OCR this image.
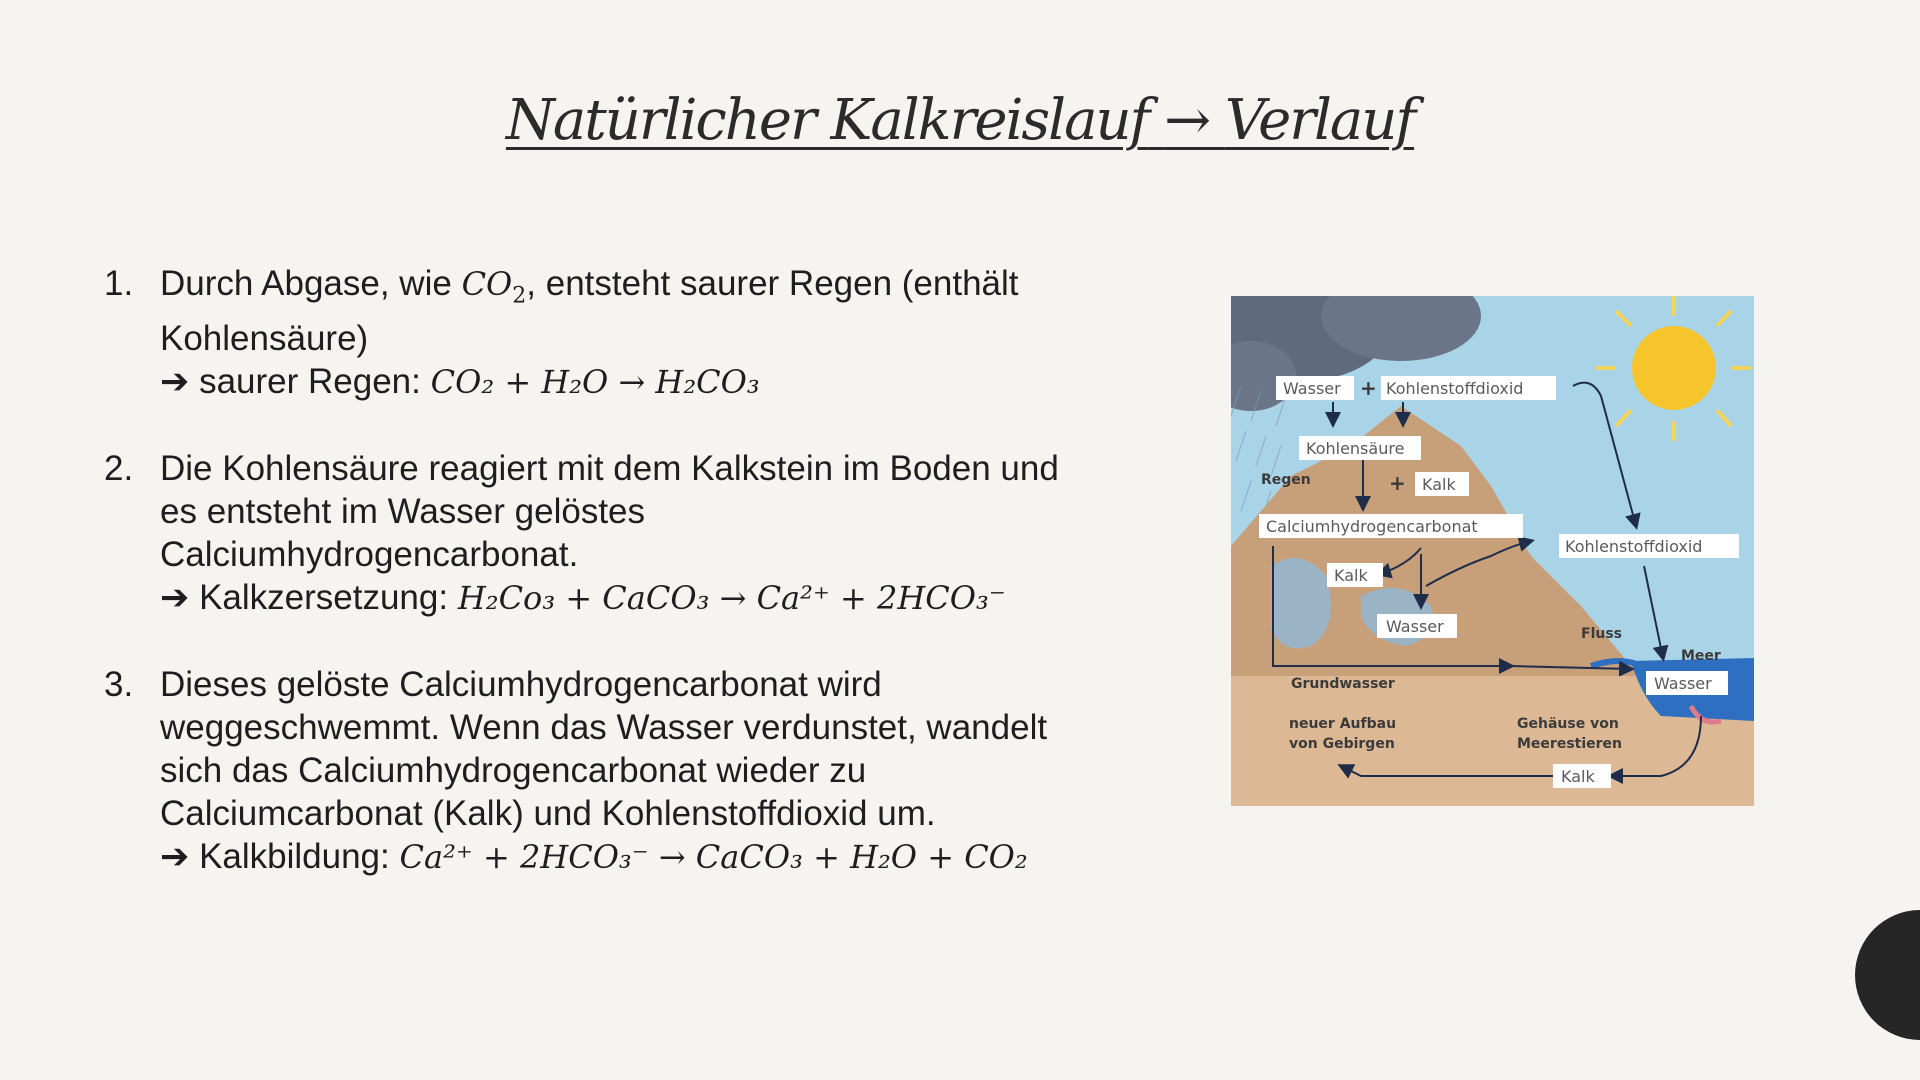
Natürlicher Kalkreislauf → Verlauf
1. Durch Abgase, wie $CO_2$, entsteht saurer Regen (enthält Kohlensäure)
➔ saurer Regen: CO₂ + H₂O → H₂CO₃
2. Die Kohlensäure reagiert mit dem Kalkstein im Boden und es entsteht im Wasser gelöstes Calciumhydrogencarbonat.
➔ Kalkzersetzung: H₂Co₃ + CaCO₃ → Ca²⁺ + 2HCO₃⁻
3. Dieses gelöste Calciumhydrogencarbonat wird weggeschwemmt. Wenn das Wasser verdunstet, wandelt sich das Calciumhydrogencarbonat wieder zu Calciumcarbonat (Kalk) und Kohlenstoffdioxid um.
➔ Kalkbildung: Ca²⁺ + 2HCO₃⁻ → CaCO₃ + H₂O + CO₂
Wasser + Kohlenstoffdioxid
Kohlensäure
Regen	+ Kalk
Calciumhydrogencarbonat
Kohlenstoffdioxid
Kalk
Wasser	Fluss
Meer
Wasser
Grundwasser
neuer Aufbau
von Gebirgen
Gehäuse von
Meerestieren
Kalk
